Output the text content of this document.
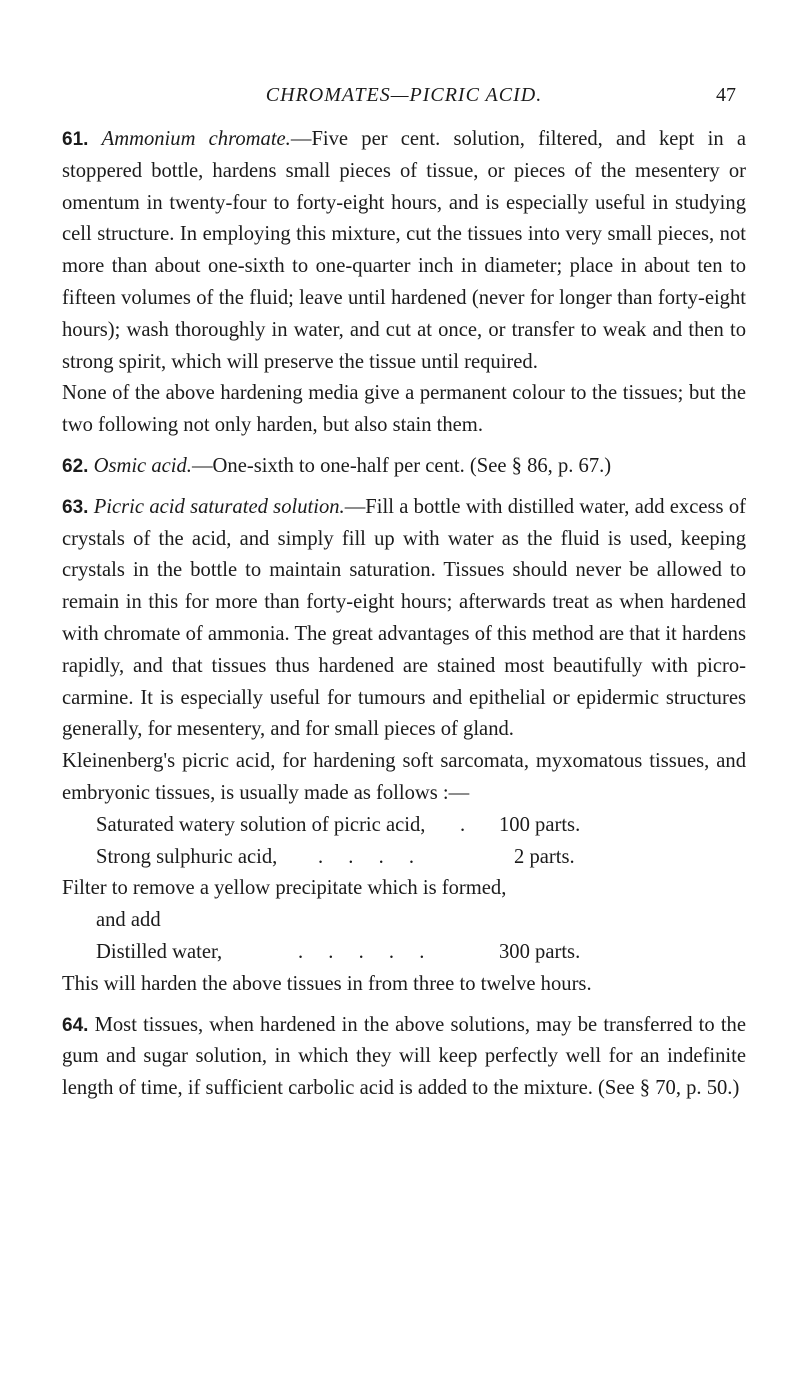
CHROMATES—PICRIC ACID.	47

61. Ammonium chromate.—Five per cent. solution, filtered, and kept in a stoppered bottle, hardens small pieces of tissue, or pieces of the mesentery or omentum in twenty-four to forty-eight hours, and is especially useful in studying cell structure. In employing this mixture, cut the tissues into very small pieces, not more than about one-sixth to one-quarter inch in diameter; place in about ten to fifteen volumes of the fluid; leave until hardened (never for longer than forty-eight hours); wash thoroughly in water, and cut at once, or transfer to weak and then to strong spirit, which will preserve the tissue until required.

None of the above hardening media give a permanent colour to the tissues; but the two following not only harden, but also stain them.

62. Osmic acid.—One-sixth to one-half per cent. (See § 86, p. 67.)

63. Picric acid saturated solution.—Fill a bottle with distilled water, add excess of crystals of the acid, and simply fill up with water as the fluid is used, keeping crystals in the bottle to maintain saturation. Tissues should never be allowed to remain in this for more than forty-eight hours; afterwards treat as when hardened with chromate of ammonia. The great advantages of this method are that it hardens rapidly, and that tissues thus hardened are stained most beautifully with picro-carmine. It is especially useful for tumours and epithelial or epidermic structures generally, for mesentery, and for small pieces of gland.

Kleinenberg's picric acid, for hardening soft sarcomata, myxomatous tissues, and embryonic tissues, is usually made as follows :—

Saturated watery solution of picric acid, . 100 parts.
Strong sulphuric acid, . . . .	2 parts.
Filter to remove a yellow precipitate which is formed,
and add
Distilled water,	. . . . .	300 parts.
This will harden the above tissues in from three to twelve hours.

64. Most tissues, when hardened in the above solutions, may be transferred to the gum and sugar solution, in which they will keep perfectly well for an indefinite length of time, if sufficient carbolic acid is added to the mixture. (See § 70, p. 50.)
